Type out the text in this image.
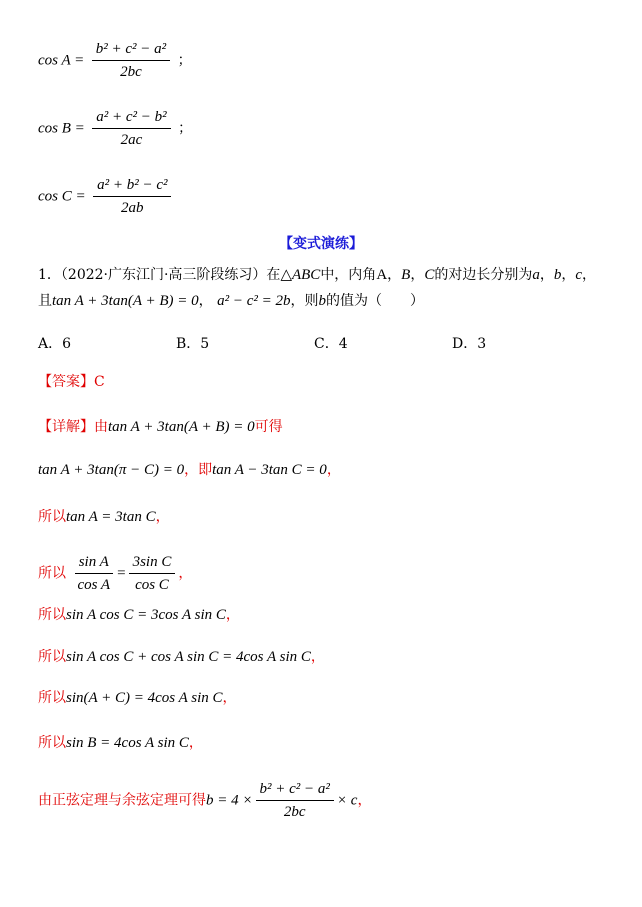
$\cos A = \frac{\text{b² + c² − a²}}{2bc}$ ；
$\cos B = \frac{\text{a² + c² − b²}}{2ac}$ ；
$\cos C = \frac{\text{a² + b² − c²}}{2ab}$
【变式演练】
1．（2022·广东江门·高三阶段练习）在△ABC中，内角A，B，C的对边长分别为a，b，c，
且tan A + 3tan(A + B) = 0， a² − c² = 2b，则b的值为（　　）
A．6	B．5	C．4	D．3
【答案】C
【详解】由tan A + 3tan(A + B) = 0可得
tan A + 3tan(π − C) = 0，即tan A − 3tan C = 0，
所以tan A = 3tan C，
所以 $\frac{\text{sin A}}{\text{cos A}} = \frac{\text{3sin C}}{\text{cos C}}$ ，
所以sin A cos C = 3cos A sin C，
所以sin A cos C + cos A sin C = 4cos A sin C，
所以sin(A + C) = 4cos A sin C，
所以sin B = 4cos A sin C，
由正弦定理与余弦定理可得$b = 4 \times \frac{\text{b² + c² − a²}}{2bc} \times c$，
